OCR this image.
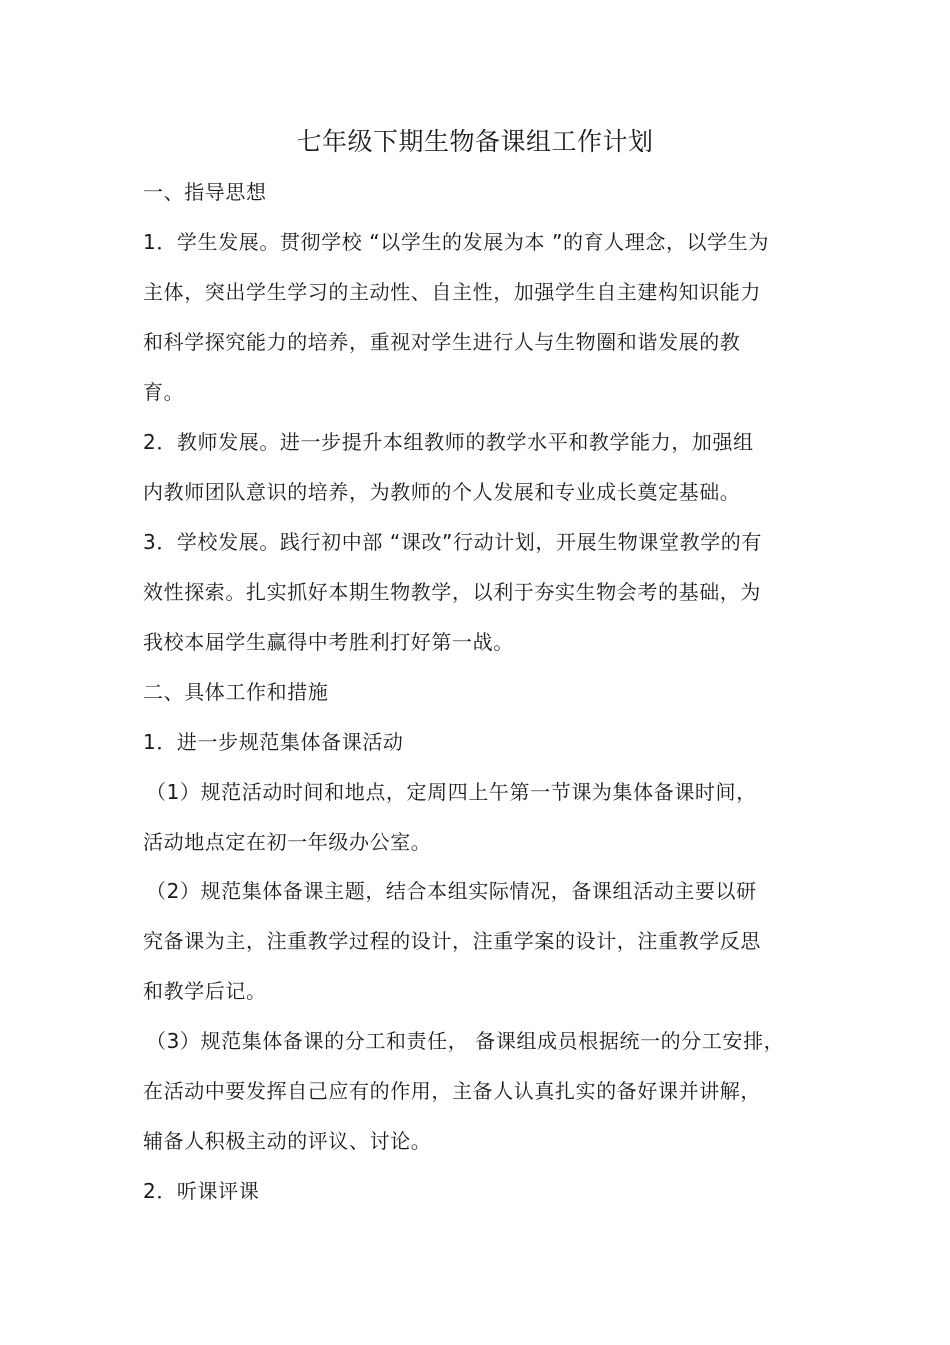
七年级下期生物备课组工作计划
一、指导思想
1．学生发展。贯彻学校 “以学生的发展为本 ”的育人理念，以学生为
主体，突出学生学习的主动性、自主性，加强学生自主建构知识能力
和科学探究能力的培养，重视对学生进行人与生物圈和谐发展的教
育。
2．教师发展。进一步提升本组教师的教学水平和教学能力，加强组
内教师团队意识的培养，为教师的个人发展和专业成长奠定基础。
3．学校发展。践行初中部 “课改”行动计划，开展生物课堂教学的有
效性探索。扎实抓好本期生物教学，以利于夯实生物会考的基础，为
我校本届学生赢得中考胜利打好第一战。
二、具体工作和措施
1．进一步规范集体备课活动
（1）规范活动时间和地点，定周四上午第一节课为集体备课时间，
活动地点定在初一年级办公室。
（2）规范集体备课主题，结合本组实际情况，备课组活动主要以研
究备课为主，注重教学过程的设计，注重学案的设计，注重教学反思
和教学后记。
（3）规范集体备课的分工和责任， 备课组成员根据统一的分工安排，
在活动中要发挥自己应有的作用，主备人认真扎实的备好课并讲解，
辅备人积极主动的评议、讨论。
2．听课评课
